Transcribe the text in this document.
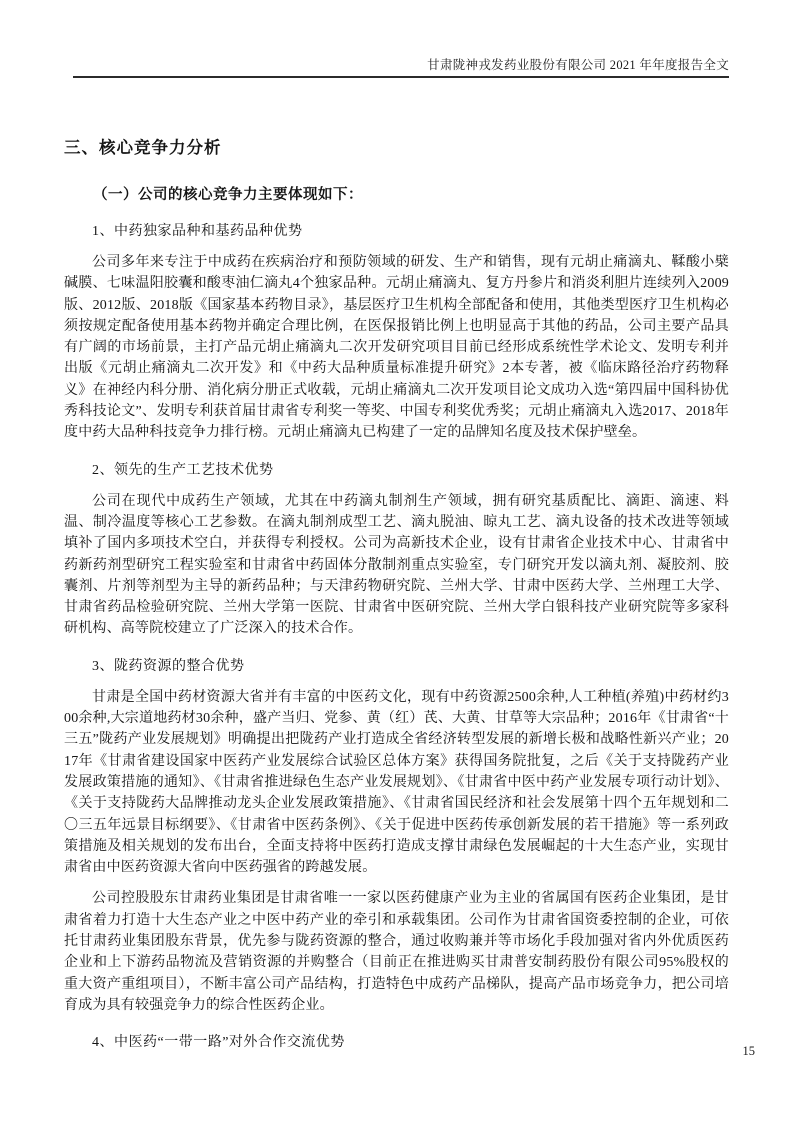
甘肃陇神戎发药业股份有限公司 2021 年年度报告全文
三、核心竞争力分析
（一）公司的核心竞争力主要体现如下：
1、中药独家品种和基药品种优势

公司多年来专注于中成药在疾病治疗和预防领域的研发、生产和销售，现有元胡止痛滴丸、鞣酸小檗碱膜、七味温阳胶囊和酸枣油仁滴丸4个独家品种。元胡止痛滴丸、复方丹参片和消炎利胆片连续列入2009版、2012版、2018版《国家基本药物目录》，基层医疗卫生机构全部配备和使用，其他类型医疗卫生机构必须按规定配备使用基本药物并确定合理比例，在医保报销比例上也明显高于其他的药品，公司主要产品具有广阔的市场前景，主打产品元胡止痛滴丸二次开发研究项目目前已经形成系统性学术论文、发明专利并出版《元胡止痛滴丸二次开发》和《中药大品种质量标准提升研究》2本专著，被《临床路径治疗药物释义》在神经内科分册、消化病分册正式收载，元胡止痛滴丸二次开发项目论文成功入选“第四届中国科协优秀科技论文”、发明专利获首届甘肃省专利奖一等奖、中国专利奖优秀奖；元胡止痛滴丸入选2017、2018年度中药大品种科技竞争力排行榜。元胡止痛滴丸已构建了一定的品牌知名度及技术保护壁垒。

2、领先的生产工艺技术优势

公司在现代中成药生产领域，尤其在中药滴丸制剂生产领域，拥有研究基质配比、滴距、滴速、料温、制冷温度等核心工艺参数。在滴丸制剂成型工艺、滴丸脱油、晾丸工艺、滴丸设备的技术改进等领域填补了国内多项技术空白，并获得专利授权。公司为高新技术企业，设有甘肃省企业技术中心、甘肃省中药新药剂型研究工程实验室和甘肃省中药固体分散制剂重点实验室，专门研究开发以滴丸剂、凝胶剂、胶囊剂、片剂等剂型为主导的新药品种；与天津药物研究院、兰州大学、甘肃中医药大学、兰州理工大学、甘肃省药品检验研究院、兰州大学第一医院、甘肃省中医研究院、兰州大学白银科技产业研究院等多家科研机构、高等院校建立了广泛深入的技术合作。

3、陇药资源的整合优势

甘肃是全国中药材资源大省并有丰富的中医药文化，现有中药资源2500余种,人工种植(养殖)中药材约300余种,大宗道地药材30余种，盛产当归、党参、黄（红）芪、大黄、甘草等大宗品种；2016年《甘肃省“十三五”陇药产业发展规划》明确提出把陇药产业打造成全省经济转型发展的新增长极和战略性新兴产业；2017年《甘肃省建设国家中医药产业发展综合试验区总体方案》获得国务院批复，之后《关于支持陇药产业发展政策措施的通知》、《甘肃省推进绿色生态产业发展规划》、《甘肃省中医中药产业发展专项行动计划》、《关于支持陇药大品牌推动龙头企业发展政策措施》、《甘肃省国民经济和社会发展第十四个五年规划和二〇三五年远景目标纲要》、《甘肃省中医药条例》、《关于促进中医药传承创新发展的若干措施》等一系列政策措施及相关规划的发布出台，全面支持将中医药打造成支撑甘肃绿色发展崛起的十大生态产业，实现甘肃省由中医药资源大省向中医药强省的跨越发展。

公司控股股东甘肃药业集团是甘肃省唯一一家以医药健康产业为主业的省属国有医药企业集团，是甘肃省着力打造十大生态产业之中医中药产业的牵引和承载集团。公司作为甘肃省国资委控制的企业，可依托甘肃药业集团股东背景，优先参与陇药资源的整合，通过收购兼并等市场化手段加强对省内外优质医药企业和上下游药品物流及营销资源的并购整合（目前正在推进购买甘肃普安制药股份有限公司95%股权的重大资产重组项目），不断丰富公司产品结构，打造特色中成药产品梯队，提高产品市场竞争力，把公司培育成为具有较强竞争力的综合性医药企业。

4、中医药“一带一路”对外合作交流优势
15
